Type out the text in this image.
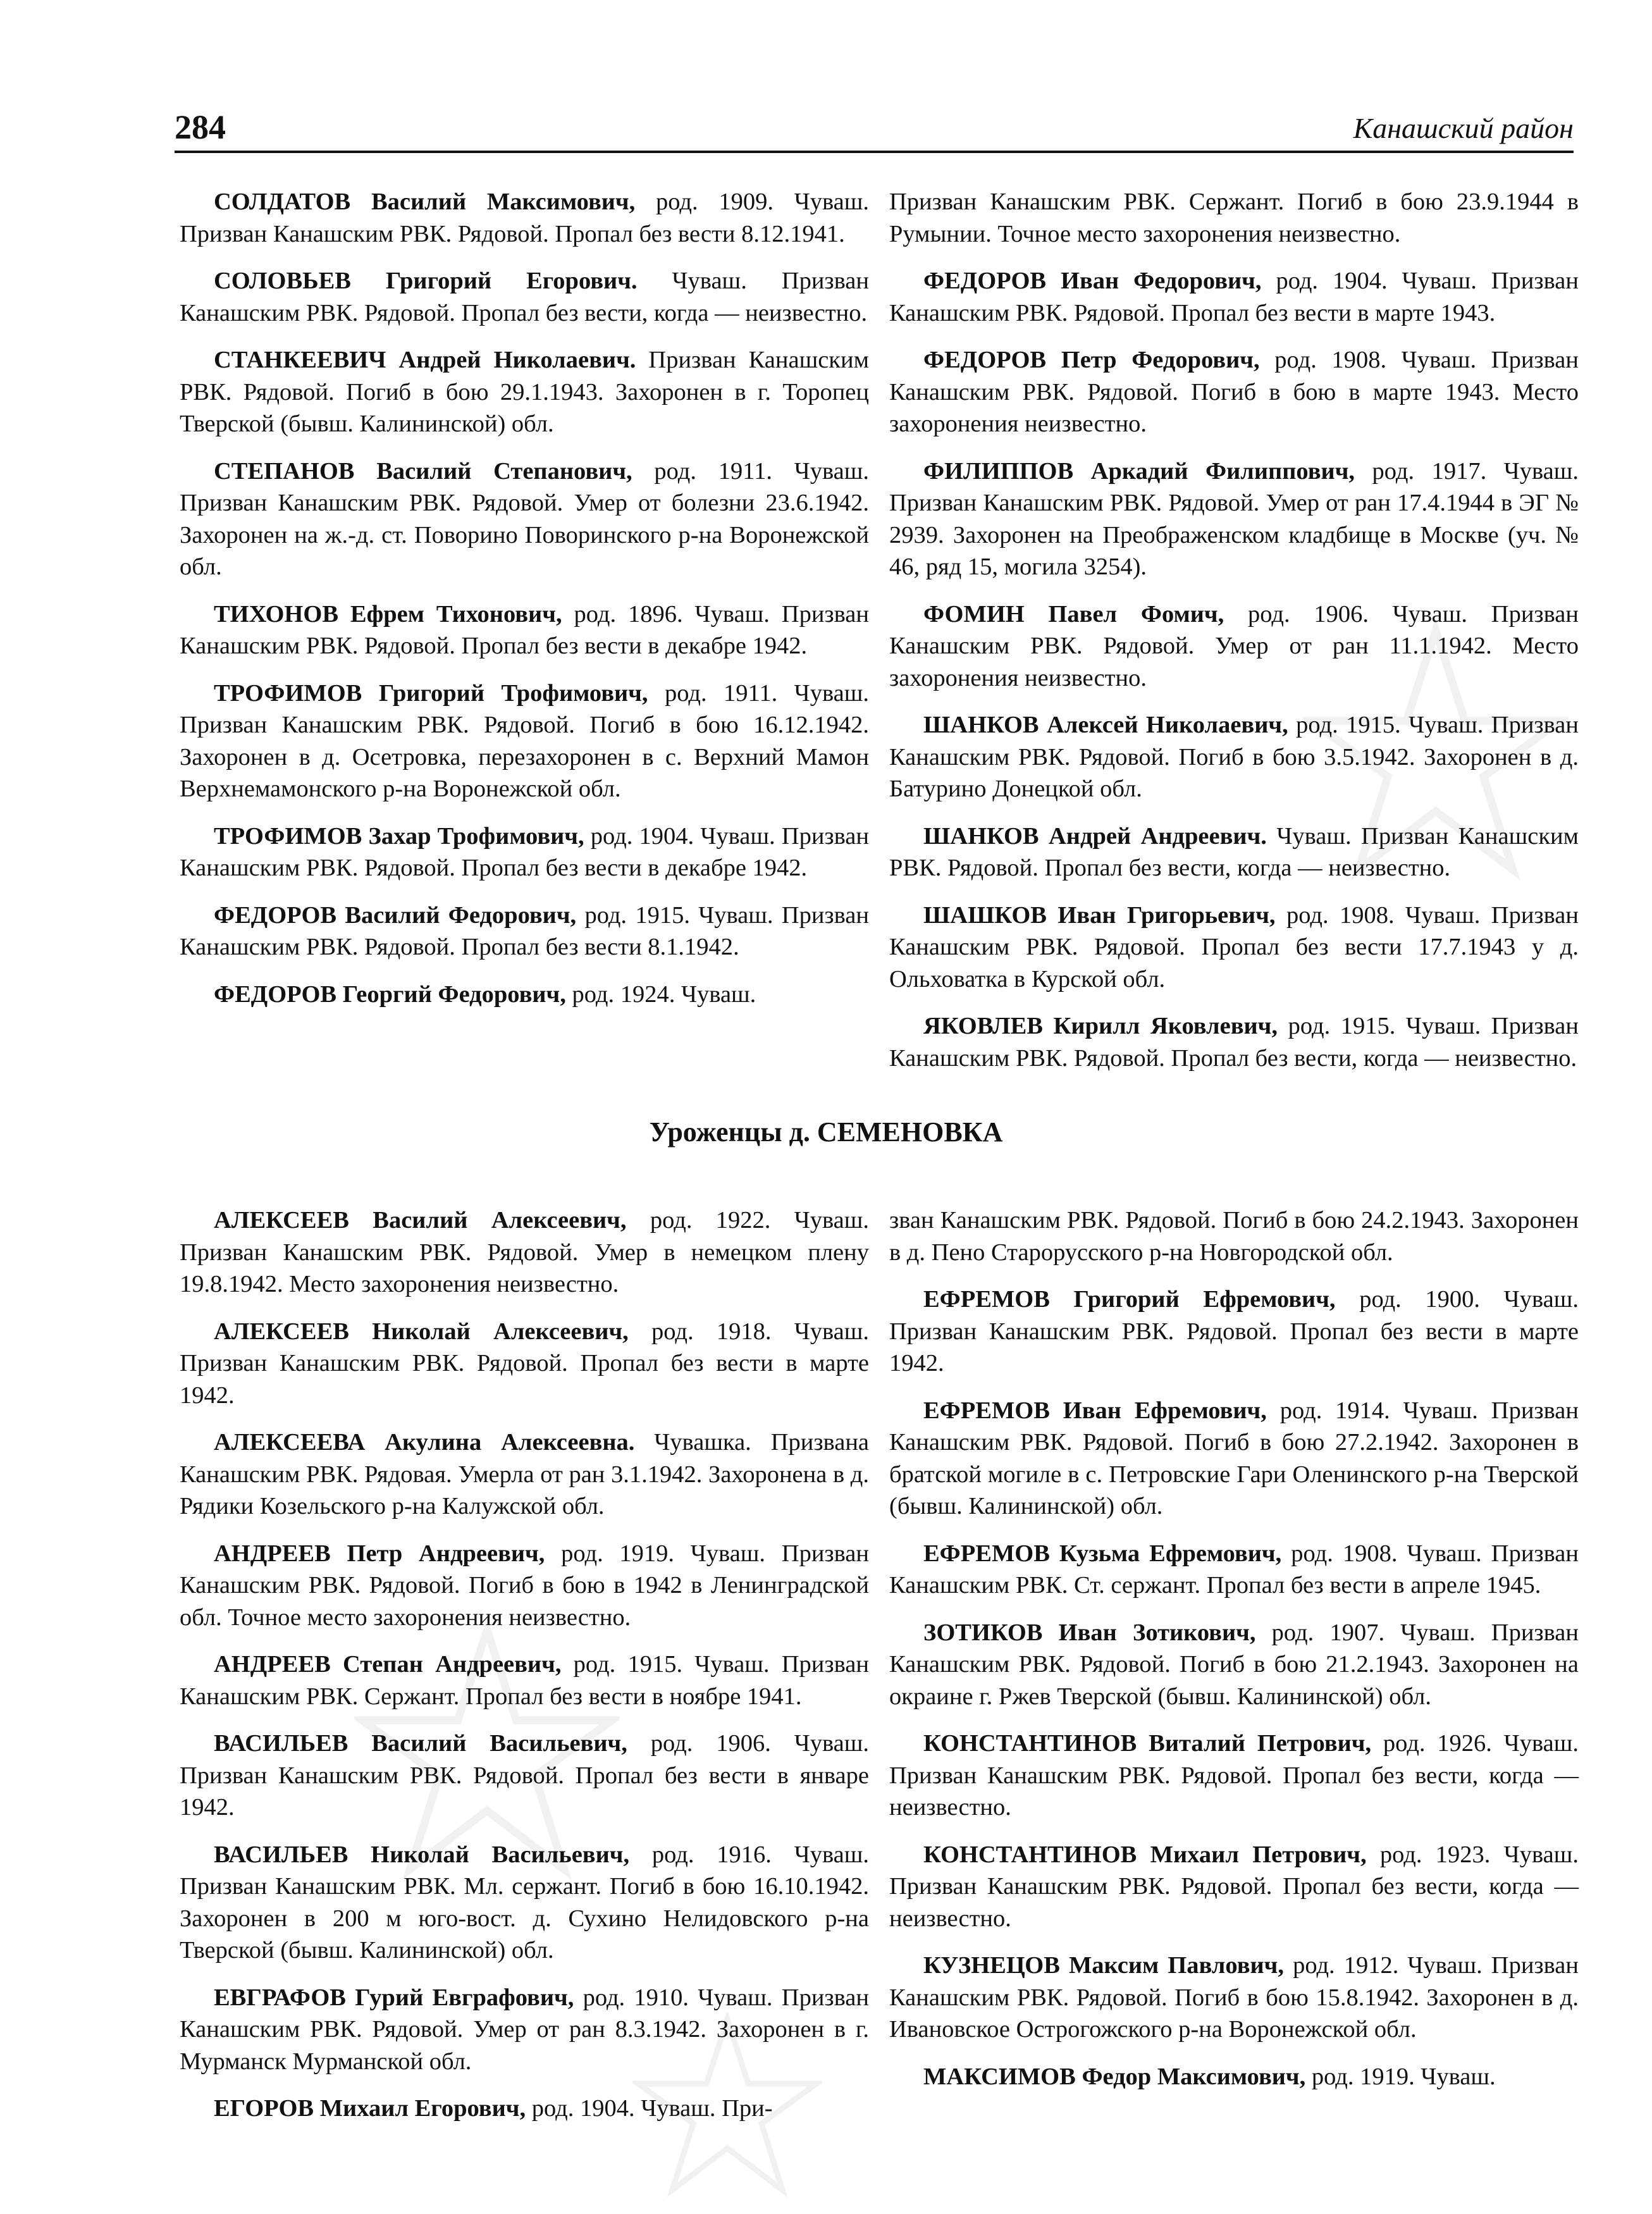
284	Канашский район

СОЛДАТОВ Василий Максимович, род. 1909. Чуваш. Призван Канашским РВК. Рядовой. Пропал без вести 8.12.1941.

СОЛОВЬЕВ Григорий Егорович. Чуваш. Призван Канашским РВК. Рядовой. Пропал без вести, когда — неизвестно.

СТАНКЕЕВИЧ Андрей Николаевич. Призван Канашским РВК. Рядовой. Погиб в бою 29.1.1943. Захоронен в г. Торопец Тверской (бывш. Калининской) обл.

СТЕПАНОВ Василий Степанович, род. 1911. Чуваш. Призван Канашским РВК. Рядовой. Умер от болезни 23.6.1942. Захоронен на ж.-д. ст. Поворино Поворинского р-на Воронежской обл.

ТИХОНОВ Ефрем Тихонович, род. 1896. Чуваш. Призван Канашским РВК. Рядовой. Пропал без вести в декабре 1942.

ТРОФИМОВ Григорий Трофимович, род. 1911. Чуваш. Призван Канашским РВК. Рядовой. Погиб в бою 16.12.1942. Захоронен в д. Осетровка, перезахоронен в с. Верхний Мамон Верхнемамонского р-на Воронежской обл.

ТРОФИМОВ Захар Трофимович, род. 1904. Чуваш. Призван Канашским РВК. Рядовой. Пропал без вести в декабре 1942.

ФЕДОРОВ Василий Федорович, род. 1915. Чуваш. Призван Канашским РВК. Рядовой. Пропал без вести 8.1.1942.

ФЕДОРОВ Георгий Федорович, род. 1924. Чуваш.

Призван Канашским РВК. Сержант. Погиб в бою 23.9.1944 в Румынии. Точное место захоронения неизвестно.

ФЕДОРОВ Иван Федорович, род. 1904. Чуваш. Призван Канашским РВК. Рядовой. Пропал без вести в марте 1943.

ФЕДОРОВ Петр Федорович, род. 1908. Чуваш. Призван Канашским РВК. Рядовой. Погиб в бою в марте 1943. Место захоронения неизвестно.

ФИЛИППОВ Аркадий Филиппович, род. 1917. Чуваш. Призван Канашским РВК. Рядовой. Умер от ран 17.4.1944 в ЭГ № 2939. Захоронен на Преображенском кладбище в Москве (уч. № 46, ряд 15, могила 3254).

ФОМИН Павел Фомич, род. 1906. Чуваш. Призван Канашским РВК. Рядовой. Умер от ран 11.1.1942. Место захоронения неизвестно.

ШАНКОВ Алексей Николаевич, род. 1915. Чуваш. Призван Канашским РВК. Рядовой. Погиб в бою 3.5.1942. Захоронен в д. Батурино Донецкой обл.

ШАНКОВ Андрей Андреевич. Чуваш. Призван Канашским РВК. Рядовой. Пропал без вести, когда — неизвестно.

ШАШКОВ Иван Григорьевич, род. 1908. Чуваш. Призван Канашским РВК. Рядовой. Пропал без вести 17.7.1943 у д. Ольховатка в Курской обл.

ЯКОВЛЕВ Кирилл Яковлевич, род. 1915. Чуваш. Призван Канашским РВК. Рядовой. Пропал без вести, когда — неизвестно.

Уроженцы д. СЕМЕНОВКА

АЛЕКСЕЕВ Василий Алексеевич, род. 1922. Чуваш. Призван Канашским РВК. Рядовой. Умер в немецком плену 19.8.1942. Место захоронения неизвестно.

АЛЕКСЕЕВ Николай Алексеевич, род. 1918. Чуваш. Призван Канашским РВК. Рядовой. Пропал без вести в марте 1942.

АЛЕКСЕЕВА Акулина Алексеевна. Чувашка. Призвана Канашским РВК. Рядовая. Умерла от ран 3.1.1942. Захоронена в д. Рядики Козельского р-на Калужской обл.

АНДРЕЕВ Петр Андреевич, род. 1919. Чуваш. Призван Канашским РВК. Рядовой. Погиб в бою в 1942 в Ленинградской обл. Точное место захоронения неизвестно.

АНДРЕЕВ Степан Андреевич, род. 1915. Чуваш. Призван Канашским РВК. Сержант. Пропал без вести в ноябре 1941.

ВАСИЛЬЕВ Василий Васильевич, род. 1906. Чуваш. Призван Канашским РВК. Рядовой. Пропал без вести в январе 1942.

ВАСИЛЬЕВ Николай Васильевич, род. 1916. Чуваш. Призван Канашским РВК. Мл. сержант. Погиб в бою 16.10.1942. Захоронен в 200 м юго-вост. д. Сухино Нелидовского р-на Тверской (бывш. Калининской) обл.

ЕВГРАФОВ Гурий Евграфович, род. 1910. Чуваш. Призван Канашским РВК. Рядовой. Умер от ран 8.3.1942. Захоронен в г. Мурманск Мурманской обл.

ЕГОРОВ Михаил Егорович, род. 1904. Чуваш. При-

зван Канашским РВК. Рядовой. Погиб в бою 24.2.1943. Захоронен в д. Пено Старорусского р-на Новгородской обл.

ЕФРЕМОВ Григорий Ефремович, род. 1900. Чуваш. Призван Канашским РВК. Рядовой. Пропал без вести в марте 1942.

ЕФРЕМОВ Иван Ефремович, род. 1914. Чуваш. Призван Канашским РВК. Рядовой. Погиб в бою 27.2.1942. Захоронен в братской могиле в с. Петровские Гари Оленинского р-на Тверской (бывш. Калининской) обл.

ЕФРЕМОВ Кузьма Ефремович, род. 1908. Чуваш. Призван Канашским РВК. Ст. сержант. Пропал без вести в апреле 1945.

ЗОТИКОВ Иван Зотикович, род. 1907. Чуваш. Призван Канашским РВК. Рядовой. Погиб в бою 21.2.1943. Захоронен на окраине г. Ржев Тверской (бывш. Калининской) обл.

КОНСТАНТИНОВ Виталий Петрович, род. 1926. Чуваш. Призван Канашским РВК. Рядовой. Пропал без вести, когда — неизвестно.

КОНСТАНТИНОВ Михаил Петрович, род. 1923. Чуваш. Призван Канашским РВК. Рядовой. Пропал без вести, когда — неизвестно.

КУЗНЕЦОВ Максим Павлович, род. 1912. Чуваш. Призван Канашским РВК. Рядовой. Погиб в бою 15.8.1942. Захоронен в д. Ивановское Острогожского р-на Воронежской обл.

МАКСИМОВ Федор Максимович, род. 1919. Чуваш.
